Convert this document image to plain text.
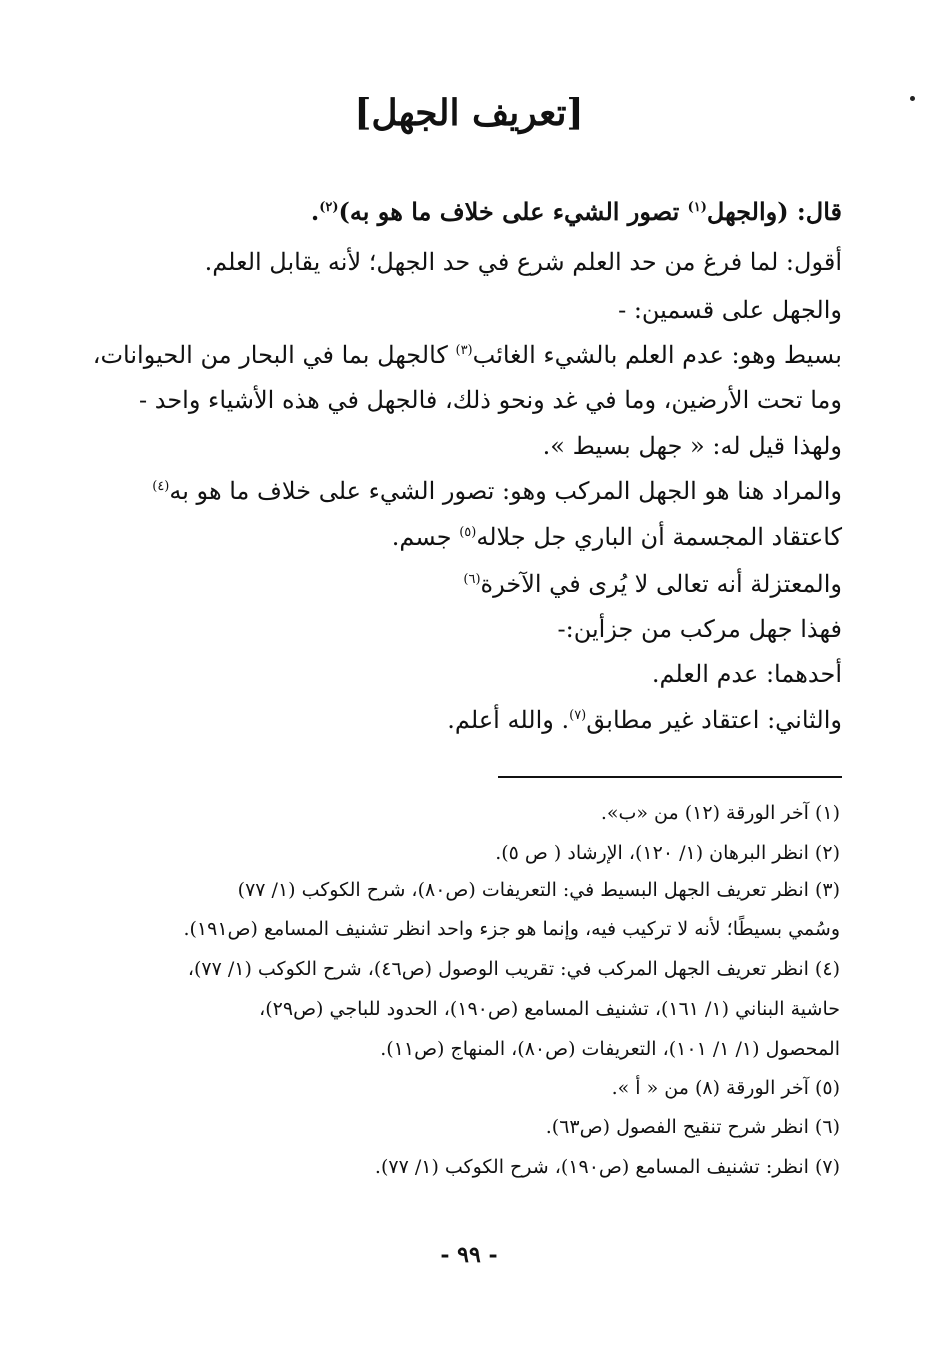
[تعريف الجهل]
قال: (والجهل$^{(١)}$ تصور الشيء على خلاف ما هو به)$^{(٢)}$.
أقول: لما فرغ من حد العلم شرع في حد الجهل؛ لأنه يقابل العلم.
والجهل على قسمين: -
بسيط وهو: عدم العلم بالشيء الغائب$^{(٣)}$ كالجهل بما في البحار من الحيوانات،
وما تحت الأرضين، وما في غد ونحو ذلك، فالجهل في هذه الأشياء واحد -
ولهذا قيل له: « جهل بسيط ».
والمراد هنا هو الجهل المركب وهو: تصور الشيء على خلاف ما هو به$^{(٤)}$
كاعتقاد المجسمة أن الباري جل جلاله$^{(٥)}$ جسم.
والمعتزلة أنه تعالى لا يُرى في الآخرة$^{(٦)}$
فهذا جهل مركب من جزأين:-
أحدهما: عدم العلم.
والثاني: اعتقاد غير مطابق$^{(٧)}$. والله أعلم.
(١) آخر الورقة (١٢) من «ب».
(٢) انظر البرهان (١/ ١٢٠)، الإرشاد ( ص ٥).
(٣) انظر تعريف الجهل البسيط في: التعريفات (ص٨٠)، شرح الكوكب (١/ ٧٧)
وسُمي بسيطًا؛ لأنه لا تركيب فيه، وإنما هو جزء واحد انظر تشنيف المسامع (ص١٩١).
(٤) انظر تعريف الجهل المركب في: تقريب الوصول (ص٤٦)، شرح الكوكب (١/ ٧٧)،
حاشية البناني (١/ ١٦١)، تشنيف المسامع (ص١٩٠)، الحدود للباجي (ص٢٩)،
المحصول (١/ ١/ ١٠١)، التعريفات (ص٨٠)، المنهاج (ص١١).
(٥) آخر الورقة (٨) من « أ ».
(٦) انظر شرح تنقيح الفصول (ص٦٣).
(٧) انظر: تشنيف المسامع (ص١٩٠)، شرح الكوكب (١/ ٧٧).
- ٩٩ -
